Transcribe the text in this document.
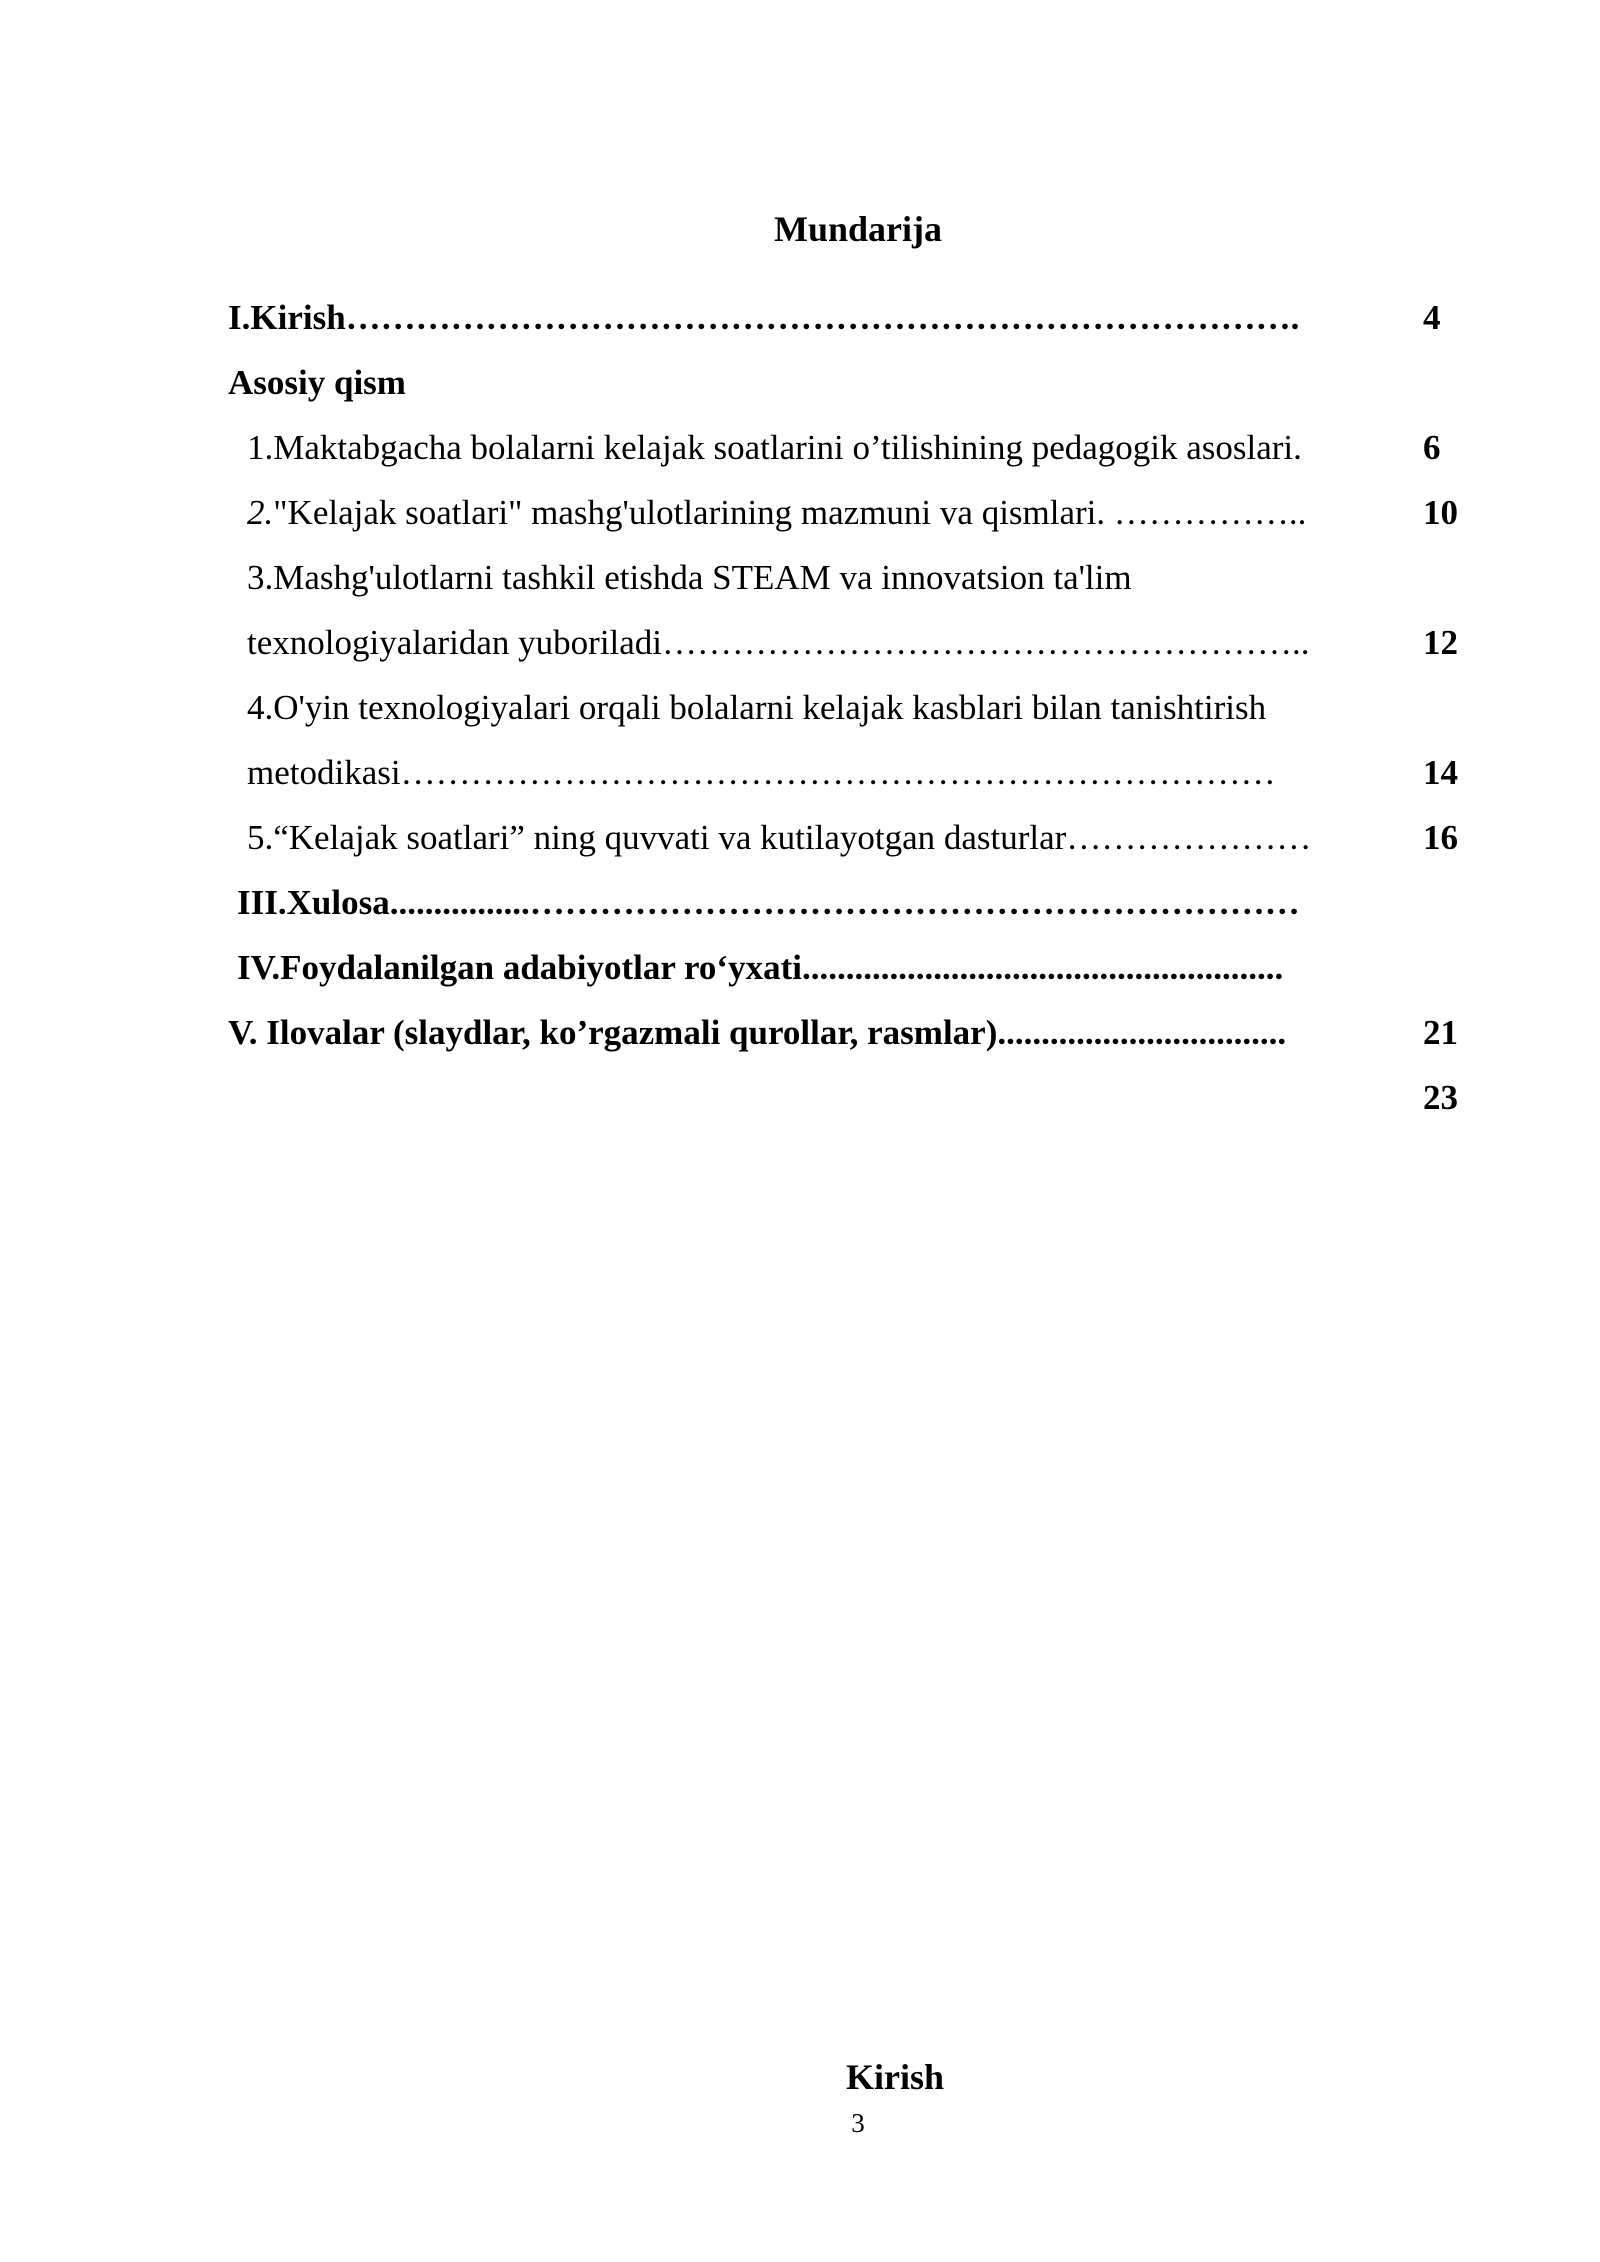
Mundarija
I.Kirish……………………………………………………………………….	4
Asosiy qism
1.Maktabgacha bolalarni kelajak soatlarini o’tilishining pedagogik asoslari.	6
2."Kelajak soatlari" mashg'ulotlarining mazmuni va qismlari. ……………..	10
3.Mashg'ulotlarni tashkil etishda STEAM va innovatsion ta'lim
texnologiyalaridan yuboriladi………………………………………………..	12
4.O'yin texnologiyalari orqali bolalarni kelajak kasblari bilan tanishtirish
metodikasi…………………………………………………………………	14
5.“Kelajak soatlari” ning quvvati va kutilayotgan dasturlar…………………	16
III.Xulosa................…………………………………………………………
IV.Foydalanilgan adabiyotlar ro‘yxati.......................................................
V. Ilovalar (slaydlar, ko’rgazmali qurollar, rasmlar).................................	21
23
Kirish
3
